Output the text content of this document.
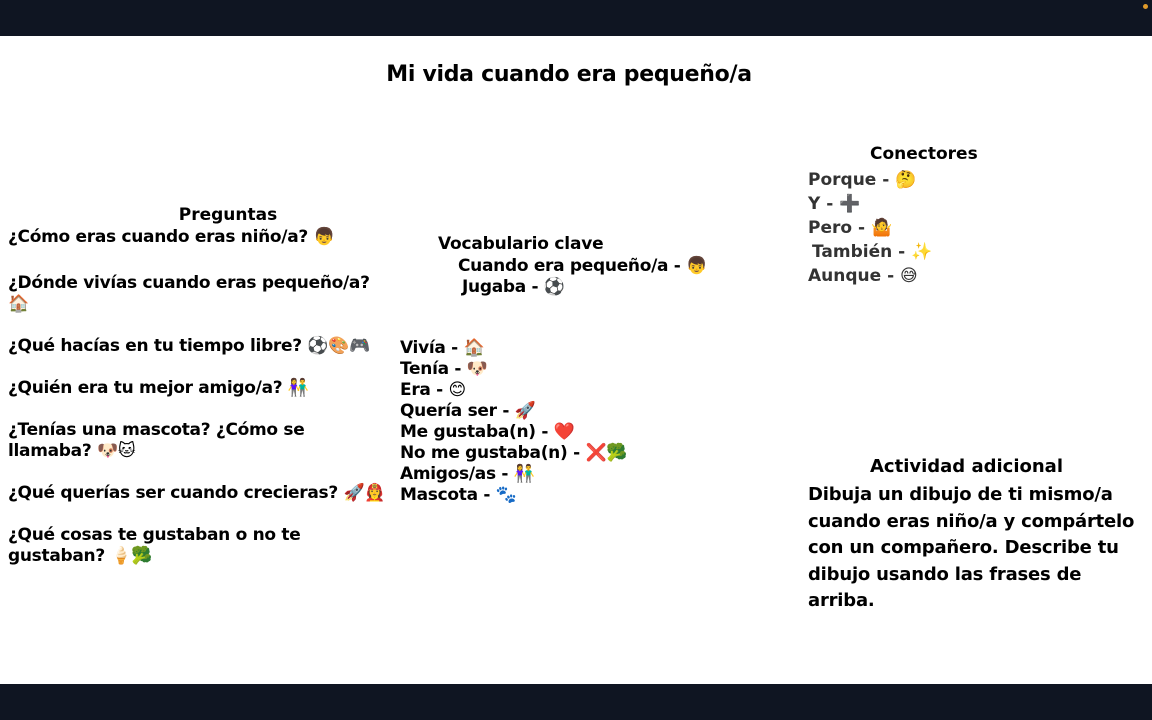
Mi vida cuando era pequeño/a
Preguntas
¿Cómo eras cuando eras niño/a? 👦
¿Dónde vivías cuando eras pequeño/a? 🏠
¿Qué hacías en tu tiempo libre? ⚽🎨🎮
¿Quién era tu mejor amigo/a? 👫
¿Tenías una mascota? ¿Cómo se llamaba? 🐶🐱
¿Qué querías ser cuando crecieras? 🚀👩‍🚒
¿Qué cosas te gustaban o no te gustaban? 🍦🥦
Vocabulario clave
Cuando era pequeño/a - 👦
Jugaba - ⚽
Vivía - 🏠
Tenía - 🐶
Era - 😊
Quería ser - 🚀
Me gustaba(n) - ❤️
No me gustaba(n) - ❌🥦
Amigos/as - 👫
Mascota - 🐾
Conectores
Porque - 🤔
Y - ➕
Pero - 🤷
También - ✨
Aunque - 😅
Actividad adicional
Dibuja un dibujo de ti mismo/a cuando eras niño/a y compártelo con un compañero. Describe tu dibujo usando las frases de arriba.
